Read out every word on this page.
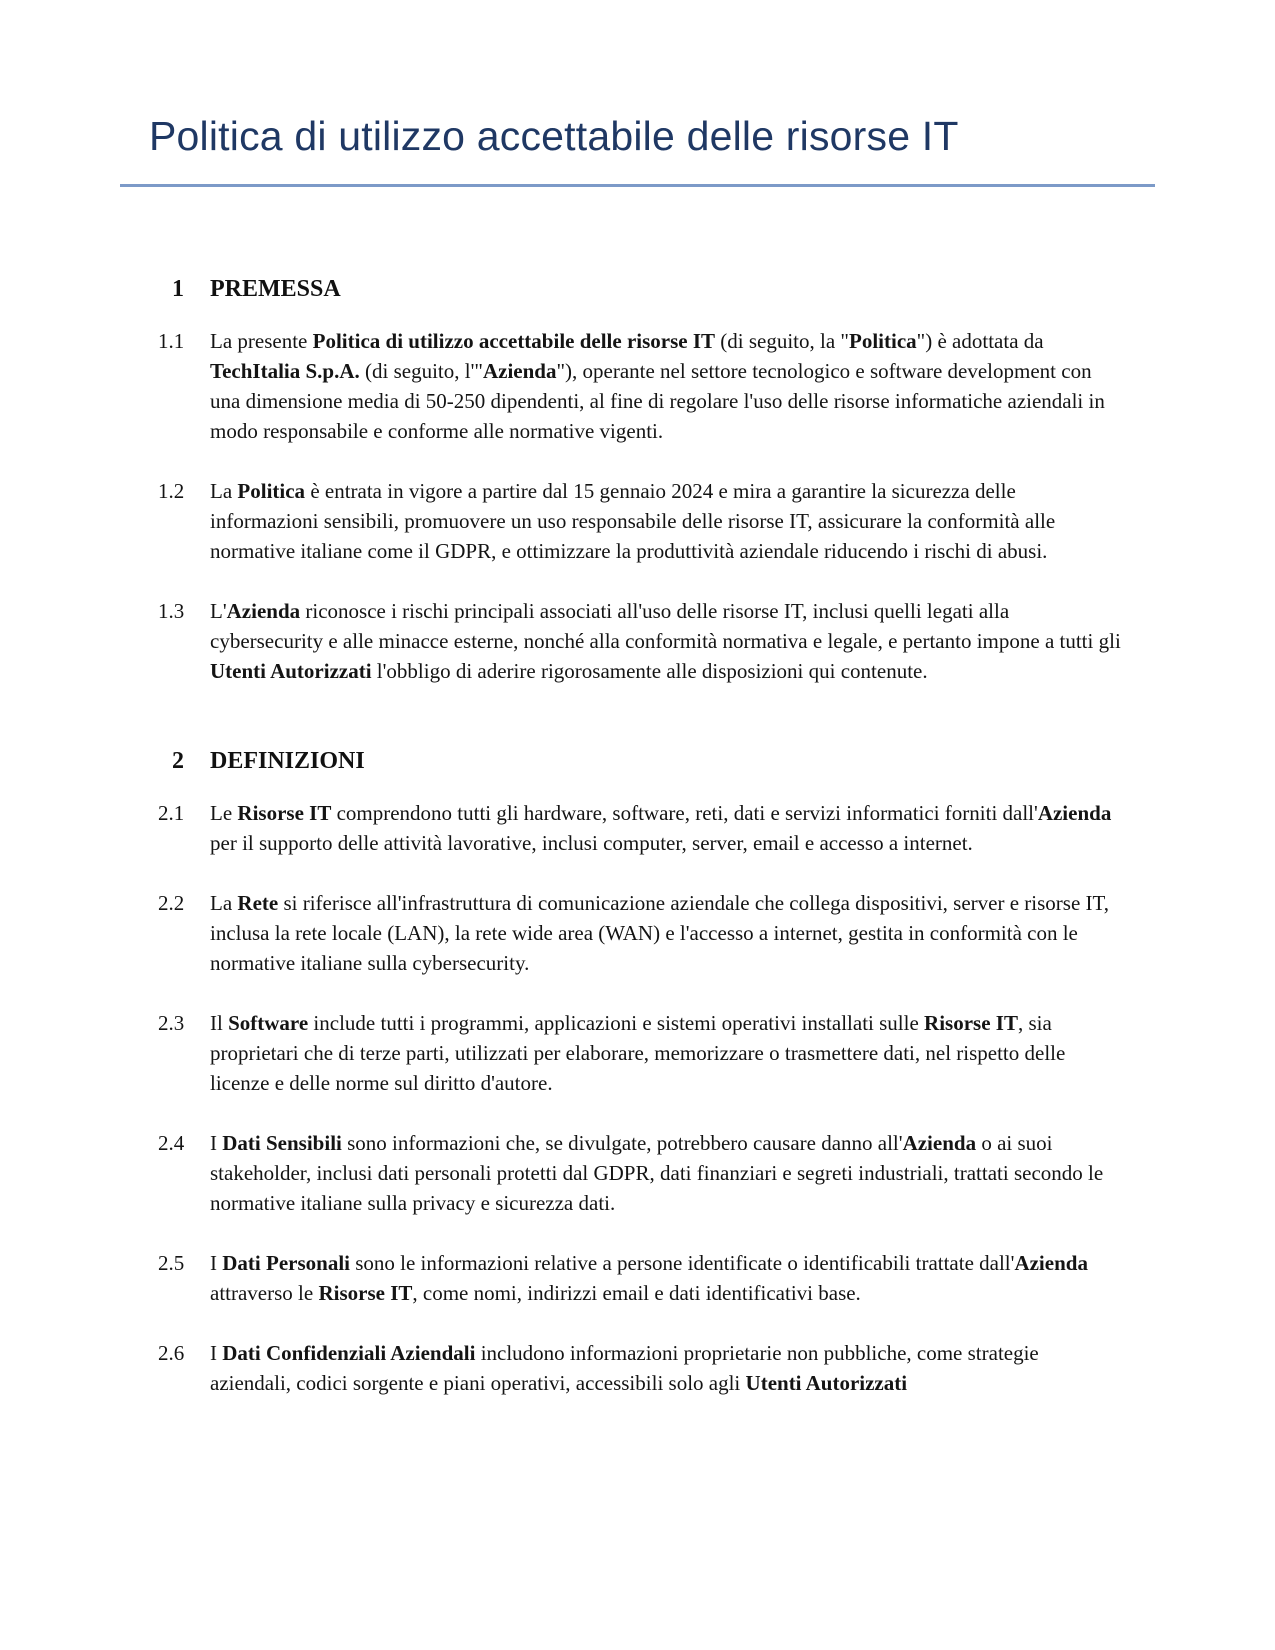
Politica di utilizzo accettabile delle risorse IT
1	PREMESSA
1.1	La presente Politica di utilizzo accettabile delle risorse IT (di seguito, la "Politica") è adottata da TechItalia S.p.A. (di seguito, l'"Azienda"), operante nel settore tecnologico e software development con una dimensione media di 50-250 dipendenti, al fine di regolare l'uso delle risorse informatiche aziendali in modo responsabile e conforme alle normative vigenti.
1.2	La Politica è entrata in vigore a partire dal 15 gennaio 2024 e mira a garantire la sicurezza delle informazioni sensibili, promuovere un uso responsabile delle risorse IT, assicurare la conformità alle normative italiane come il GDPR, e ottimizzare la produttività aziendale riducendo i rischi di abusi.
1.3	L'Azienda riconosce i rischi principali associati all'uso delle risorse IT, inclusi quelli legati alla cybersecurity e alle minacce esterne, nonché alla conformità normativa e legale, e pertanto impone a tutti gli Utenti Autorizzati l'obbligo di aderire rigorosamente alle disposizioni qui contenute.
2	DEFINIZIONI
2.1	Le Risorse IT comprendono tutti gli hardware, software, reti, dati e servizi informatici forniti dall'Azienda per il supporto delle attività lavorative, inclusi computer, server, email e accesso a internet.
2.2	La Rete si riferisce all'infrastruttura di comunicazione aziendale che collega dispositivi, server e risorse IT, inclusa la rete locale (LAN), la rete wide area (WAN) e l'accesso a internet, gestita in conformità con le normative italiane sulla cybersecurity.
2.3	Il Software include tutti i programmi, applicazioni e sistemi operativi installati sulle Risorse IT, sia proprietari che di terze parti, utilizzati per elaborare, memorizzare o trasmettere dati, nel rispetto delle licenze e delle norme sul diritto d'autore.
2.4	I Dati Sensibili sono informazioni che, se divulgate, potrebbero causare danno all'Azienda o ai suoi stakeholder, inclusi dati personali protetti dal GDPR, dati finanziari e segreti industriali, trattati secondo le normative italiane sulla privacy e sicurezza dati.
2.5	I Dati Personali sono le informazioni relative a persone identificate o identificabili trattate dall'Azienda attraverso le Risorse IT, come nomi, indirizzi email e dati identificativi base.
2.6	I Dati Confidenziali Aziendali includono informazioni proprietarie non pubbliche, come strategie aziendali, codici sorgente e piani operativi, accessibili solo agli Utenti Autorizzati
